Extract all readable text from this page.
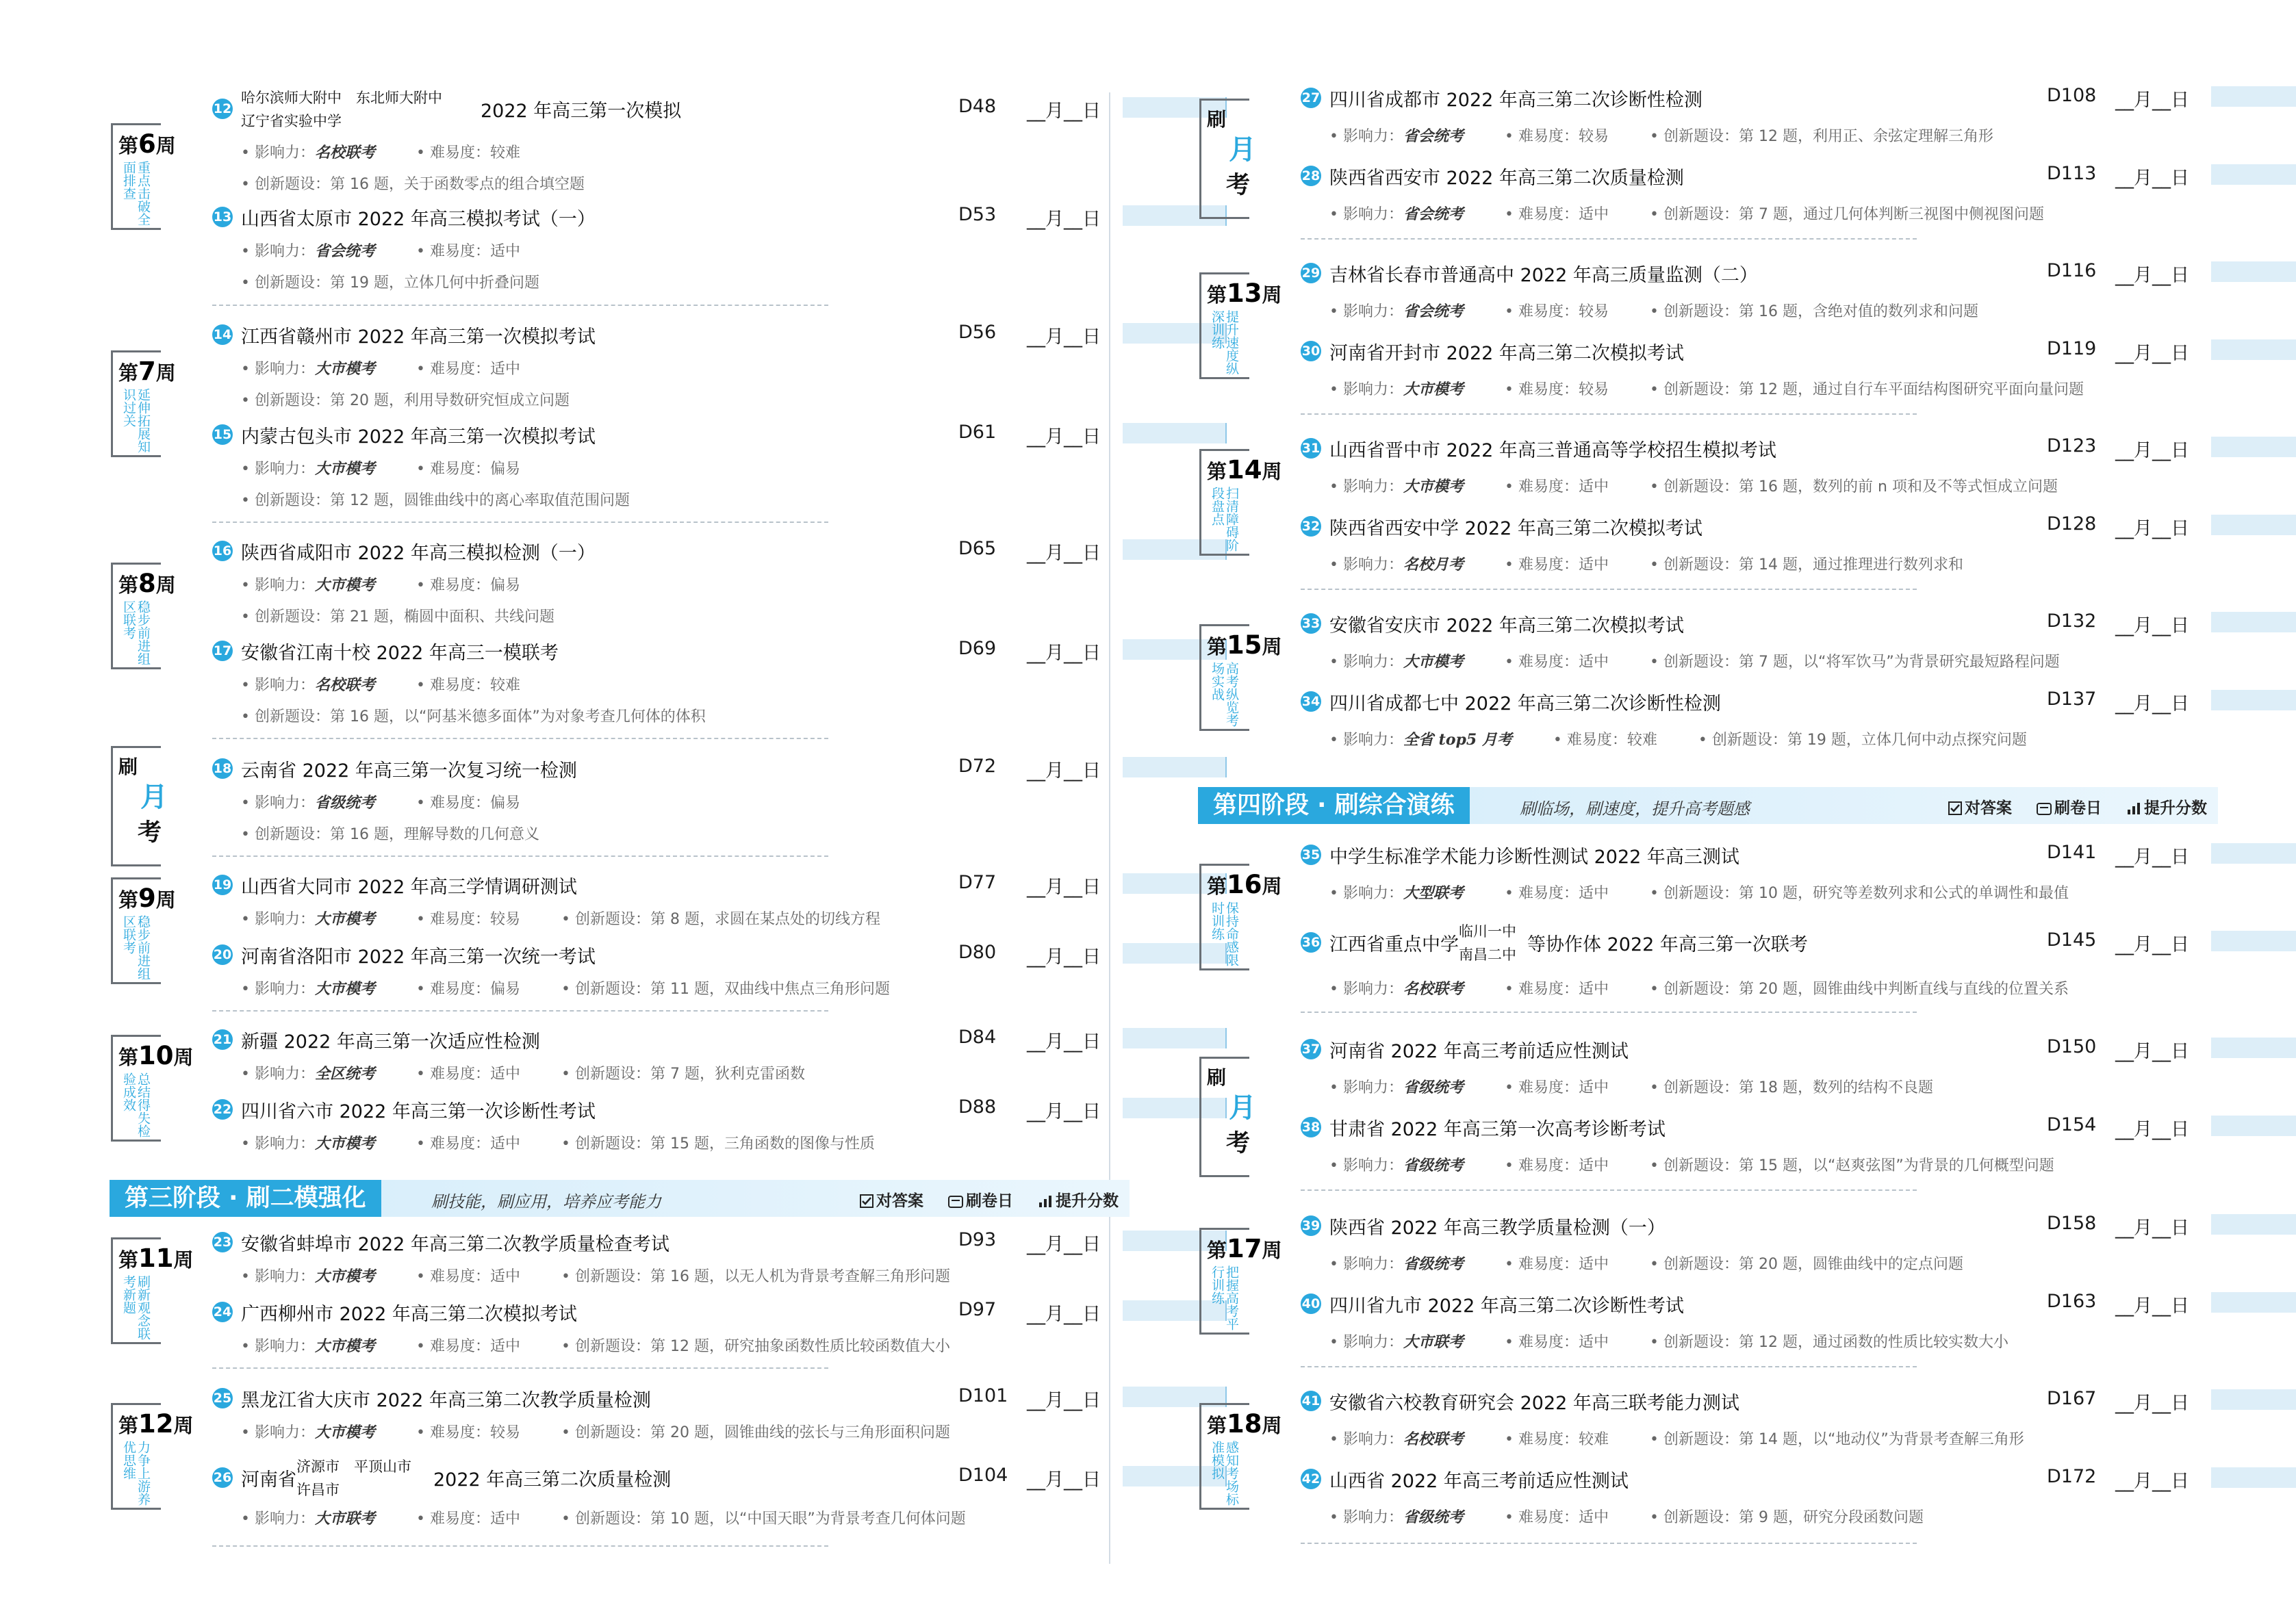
第6周
重点击破全面排查
第7周
延伸拓展知识过关
第8周
稳步前进组区联考
刷
月
考
第9周
稳步前进组区联考
第10周
总结得失检验成效
第三阶段 · 刷二模强化	刷技能，刷应用，培养应考能力	对答案	刷卷日	提升分数
第11周
刷新观念联考新题
第12周
力争上游养优思维
12
哈尔滨师大附中　东北师大附中
辽宁省实验中学	2022 年高三第一次模拟	D48 __月__日
• 影响力：名校联考	• 难易度：较难
• 创新题设：第 16 题，关于函数零点的组合填空题
13 山西省太原市 2022 年高三模拟考试（一）	D53 __月__日
• 影响力：省会统考	• 难易度：适中
• 创新题设：第 19 题，立体几何中折叠问题
14 江西省赣州市 2022 年高三第一次模拟考试	D56 __月__日
• 影响力：大市模考	• 难易度：适中
• 创新题设：第 20 题，利用导数研究恒成立问题
15 内蒙古包头市 2022 年高三第一次模拟考试	D61 __月__日
• 影响力：大市模考	• 难易度：偏易
• 创新题设：第 12 题，圆锥曲线中的离心率取值范围问题
16 陕西省咸阳市 2022 年高三模拟检测（一）	D65 __月__日
• 影响力：大市模考	• 难易度：偏易
• 创新题设：第 21 题，椭圆中面积、共线问题
17 安徽省江南十校 2022 年高三一模联考	D69 __月__日
• 影响力：名校联考	• 难易度：较难
• 创新题设：第 16 题，以“阿基米德多面体”为对象考查几何体的体积
18 云南省 2022 年高三第一次复习统一检测	D72 __月__日
• 影响力：省级统考	• 难易度：偏易
• 创新题设：第 16 题，理解导数的几何意义
19 山西省大同市 2022 年高三学情调研测试	D77 __月__日
• 影响力：大市模考	• 难易度：较易	• 创新题设：第 8 题，求圆在某点处的切线方程
20 河南省洛阳市 2022 年高三第一次统一考试	D80 __月__日
• 影响力：大市模考	• 难易度：偏易	• 创新题设：第 11 题，双曲线中焦点三角形问题
21 新疆 2022 年高三第一次适应性检测	D84 __月__日
• 影响力：全区统考	• 难易度：适中	• 创新题设：第 7 题，狄利克雷函数
22 四川省六市 2022 年高三第一次诊断性考试	D88 __月__日
• 影响力：大市模考	• 难易度：适中	• 创新题设：第 15 题，三角函数的图像与性质
23 安徽省蚌埠市 2022 年高三第二次教学质量检查考试	D93 __月__日
• 影响力：大市模考	• 难易度：适中	• 创新题设：第 16 题，以无人机为背景考查解三角形问题
24 广西柳州市 2022 年高三第二次模拟考试	D97 __月__日
• 影响力：大市模考	• 难易度：适中	• 创新题设：第 12 题，研究抽象函数性质比较函数值大小
25 黑龙江省大庆市 2022 年高三第二次教学质量检测	D101 __月__日
• 影响力：大市模考	• 难易度：较易	• 创新题设：第 20 题，圆锥曲线的弦长与三角形面积问题
26 河南省
济源市　平顶山市
许昌市	2022 年高三第二次质量检测	D104 __月__日
• 影响力：大市联考	• 难易度：适中	• 创新题设：第 10 题，以“中国天眼”为背景考查几何体问题
刷
月
考
第13周
提升速度纵深训练
第14周
扫清障碍阶段盘点
第15周
高考纵览考场实战
第四阶段 · 刷综合演练	刷临场，刷速度，提升高考题感	对答案	刷卷日	提升分数
第16周
保持命感限时训练
刷
月
考
第17周
把握高考平行训练
第18周
感知考场标准模拟
27 四川省成都市 2022 年高三第二次诊断性检测	D108 __月__日
• 影响力：省会统考	• 难易度：较易	• 创新题设：第 12 题，利用正、余弦定理解三角形
28 陕西省西安市 2022 年高三第二次质量检测	D113 __月__日
• 影响力：省会统考	• 难易度：适中	• 创新题设：第 7 题，通过几何体判断三视图中侧视图问题
29 吉林省长春市普通高中 2022 年高三质量监测（二）	D116 __月__日
• 影响力：省会统考	• 难易度：较易	• 创新题设：第 16 题，含绝对值的数列求和问题
30 河南省开封市 2022 年高三第二次模拟考试	D119 __月__日
• 影响力：大市模考	• 难易度：较易	• 创新题设：第 12 题，通过自行车平面结构图研究平面向量问题
31 山西省晋中市 2022 年高三普通高等学校招生模拟考试	D123 __月__日
• 影响力：大市模考	• 难易度：适中	• 创新题设：第 16 题，数列的前 n 项和及不等式恒成立问题
32 陕西省西安中学 2022 年高三第二次模拟考试	D128 __月__日
• 影响力：名校月考	• 难易度：适中	• 创新题设：第 14 题，通过推理进行数列求和
33 安徽省安庆市 2022 年高三第二次模拟考试	D132 __月__日
• 影响力：大市模考	• 难易度：适中	• 创新题设：第 7 题，以“将军饮马”为背景研究最短路程问题
34 四川省成都七中 2022 年高三第二次诊断性检测	D137 __月__日
• 影响力：全省 top5 月考	• 难易度：较难	• 创新题设：第 19 题，立体几何中动点探究问题
35 中学生标准学术能力诊断性测试 2022 年高三测试	D141 __月__日
• 影响力：大型联考	• 难易度：适中	• 创新题设：第 10 题，研究等差数列求和公式的单调性和最值
36 江西省重点中学
临川一中
南昌二中 等协作体 2022 年高三第一次联考	D145 __月__日
• 影响力：名校联考	• 难易度：适中	• 创新题设：第 20 题，圆锥曲线中判断直线与直线的位置关系
37 河南省 2022 年高三考前适应性测试	D150 __月__日
• 影响力：省级统考	• 难易度：适中	• 创新题设：第 18 题，数列的结构不良题
38 甘肃省 2022 年高三第一次高考诊断考试	D154 __月__日
• 影响力：省级统考	• 难易度：适中	• 创新题设：第 15 题，以“赵爽弦图”为背景的几何概型问题
39 陕西省 2022 年高三教学质量检测（一）	D158 __月__日
• 影响力：省级统考	• 难易度：适中	• 创新题设：第 20 题，圆锥曲线中的定点问题
40 四川省九市 2022 年高三第二次诊断性考试	D163 __月__日
• 影响力：大市联考	• 难易度：适中	• 创新题设：第 12 题，通过函数的性质比较实数大小
41 安徽省六校教育研究会 2022 年高三联考能力测试	D167 __月__日
• 影响力：名校联考	• 难易度：较难	• 创新题设：第 14 题，以“地动仪”为背景考查解三角形
42 山西省 2022 年高三考前适应性测试	D172 __月__日
• 影响力：省级统考	• 难易度：适中	• 创新题设：第 9 题，研究分段函数问题
